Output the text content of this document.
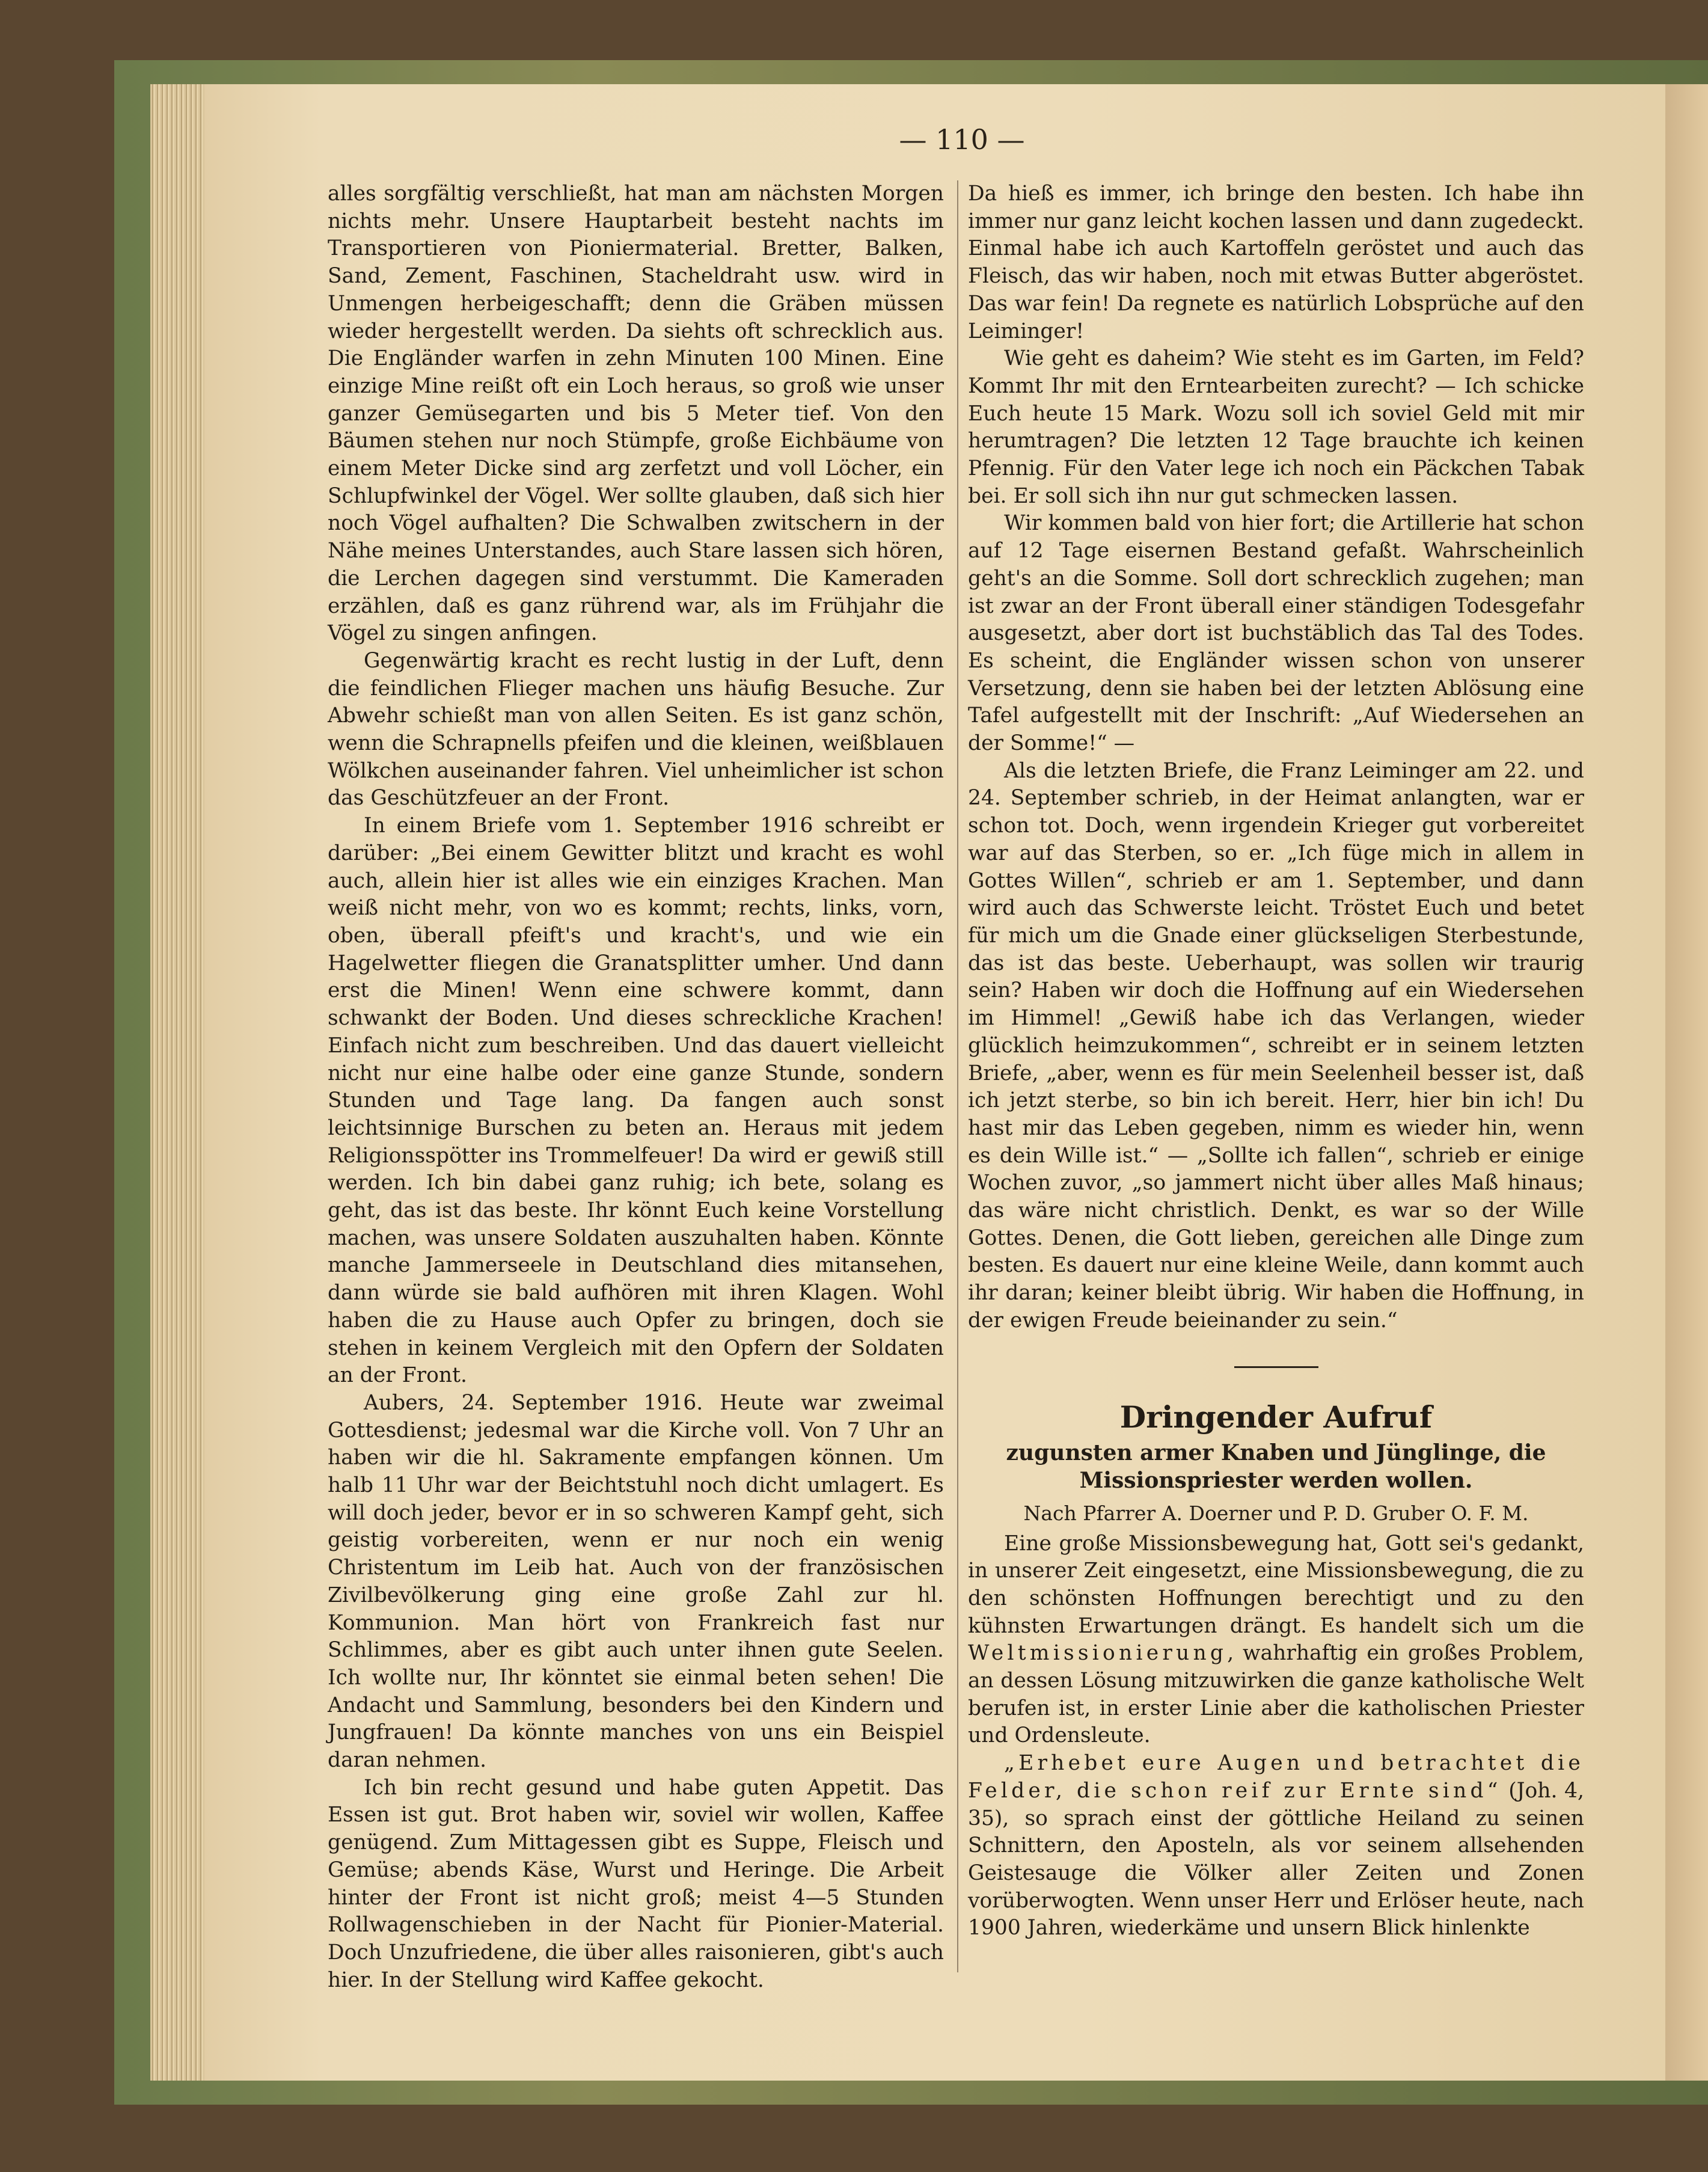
— 110 —

alles sorgfältig verschließt, hat man am nächsten Morgen nichts mehr. Unsere Hauptarbeit besteht nachts im Transportieren von Pioniermaterial. Bretter, Balken, Sand, Zement, Faschinen, Stacheldraht usw. wird in Unmengen herbeigeschafft; denn die Gräben müssen wieder hergestellt werden. Da siehts oft schrecklich aus. Die Engländer warfen in zehn Minuten 100 Minen. Eine einzige Mine reißt oft ein Loch heraus, so groß wie unser ganzer Gemüsegarten und bis 5 Meter tief. Von den Bäumen stehen nur noch Stümpfe, große Eichbäume von einem Meter Dicke sind arg zerfetzt und voll Löcher, ein Schlupfwinkel der Vögel. Wer sollte glauben, daß sich hier noch Vögel aufhalten? Die Schwalben zwitschern in der Nähe meines Unterstandes, auch Stare lassen sich hören, die Lerchen dagegen sind verstummt. Die Kameraden erzählen, daß es ganz rührend war, als im Frühjahr die Vögel zu singen anfingen.

Gegenwärtig kracht es recht lustig in der Luft, denn die feindlichen Flieger machen uns häufig Besuche. Zur Abwehr schießt man von allen Seiten. Es ist ganz schön, wenn die Schrapnells pfeifen und die kleinen, weißblauen Wölkchen auseinander fahren. Viel unheimlicher ist schon das Geschützfeuer an der Front.

In einem Briefe vom 1. September 1916 schreibt er darüber: „Bei einem Gewitter blitzt und kracht es wohl auch, allein hier ist alles wie ein einziges Krachen. Man weiß nicht mehr, von wo es kommt; rechts, links, vorn, oben, überall pfeift's und kracht's, und wie ein Hagelwetter fliegen die Granatsplitter umher. Und dann erst die Minen! Wenn eine schwere kommt, dann schwankt der Boden. Und dieses schreckliche Krachen! Einfach nicht zum beschreiben. Und das dauert vielleicht nicht nur eine halbe oder eine ganze Stunde, sondern Stunden und Tage lang. Da fangen auch sonst leichtsinnige Burschen zu beten an. Heraus mit jedem Religionsspötter ins Trommelfeuer! Da wird er gewiß still werden. Ich bin dabei ganz ruhig; ich bete, solang es geht, das ist das beste. Ihr könnt Euch keine Vorstellung machen, was unsere Soldaten auszuhalten haben. Könnte manche Jammerseele in Deutschland dies mitansehen, dann würde sie bald aufhören mit ihren Klagen. Wohl haben die zu Hause auch Opfer zu bringen, doch sie stehen in keinem Vergleich mit den Opfern der Soldaten an der Front.

Aubers, 24. September 1916. Heute war zweimal Gottesdienst; jedesmal war die Kirche voll. Von 7 Uhr an haben wir die hl. Sakramente empfangen können. Um halb 11 Uhr war der Beichtstuhl noch dicht umlagert. Es will doch jeder, bevor er in so schweren Kampf geht, sich geistig vorbereiten, wenn er nur noch ein wenig Christentum im Leib hat. Auch von der französischen Zivilbevölkerung ging eine große Zahl zur hl. Kommunion. Man hört von Frankreich fast nur Schlimmes, aber es gibt auch unter ihnen gute Seelen. Ich wollte nur, Ihr könntet sie einmal beten sehen! Die Andacht und Sammlung, besonders bei den Kindern und Jungfrauen! Da könnte manches von uns ein Beispiel daran nehmen.

Ich bin recht gesund und habe guten Appetit. Das Essen ist gut. Brot haben wir, soviel wir wollen, Kaffee genügend. Zum Mittagessen gibt es Suppe, Fleisch und Gemüse; abends Käse, Wurst und Heringe. Die Arbeit hinter der Front ist nicht groß; meist 4—5 Stunden Rollwagenschieben in der Nacht für Pionier-Material. Doch Unzufriedene, die über alles raisonieren, gibt's auch hier. In der Stellung wird Kaffee gekocht.

Da hieß es immer, ich bringe den besten. Ich habe ihn immer nur ganz leicht kochen lassen und dann zugedeckt. Einmal habe ich auch Kartoffeln geröstet und auch das Fleisch, das wir haben, noch mit etwas Butter abgeröstet. Das war fein! Da regnete es natürlich Lobsprüche auf den Leiminger!

Wie geht es daheim? Wie steht es im Garten, im Feld? Kommt Ihr mit den Erntearbeiten zurecht? — Ich schicke Euch heute 15 Mark. Wozu soll ich soviel Geld mit mir herumtragen? Die letzten 12 Tage brauchte ich keinen Pfennig. Für den Vater lege ich noch ein Päckchen Tabak bei. Er soll sich ihn nur gut schmecken lassen.

Wir kommen bald von hier fort; die Artillerie hat schon auf 12 Tage eisernen Bestand gefaßt. Wahrscheinlich geht's an die Somme. Soll dort schrecklich zugehen; man ist zwar an der Front überall einer ständigen Todesgefahr ausgesetzt, aber dort ist buchstäblich das Tal des Todes. Es scheint, die Engländer wissen schon von unserer Versetzung, denn sie haben bei der letzten Ablösung eine Tafel aufgestellt mit der Inschrift: „Auf Wiedersehen an der Somme!“ —

Als die letzten Briefe, die Franz Leiminger am 22. und 24. September schrieb, in der Heimat anlangten, war er schon tot. Doch, wenn irgendein Krieger gut vorbereitet war auf das Sterben, so er. „Ich füge mich in allem in Gottes Willen“, schrieb er am 1. September, und dann wird auch das Schwerste leicht. Tröstet Euch und betet für mich um die Gnade einer glückseligen Sterbestunde, das ist das beste. Ueberhaupt, was sollen wir traurig sein? Haben wir doch die Hoffnung auf ein Wiedersehen im Himmel! „Gewiß habe ich das Verlangen, wieder glücklich heimzukommen“, schreibt er in seinem letzten Briefe, „aber, wenn es für mein Seelenheil besser ist, daß ich jetzt sterbe, so bin ich bereit. Herr, hier bin ich! Du hast mir das Leben gegeben, nimm es wieder hin, wenn es dein Wille ist.“ — „Sollte ich fallen“, schrieb er einige Wochen zuvor, „so jammert nicht über alles Maß hinaus; das wäre nicht christlich. Denkt, es war so der Wille Gottes. Denen, die Gott lieben, gereichen alle Dinge zum besten. Es dauert nur eine kleine Weile, dann kommt auch ihr daran; keiner bleibt übrig. Wir haben die Hoffnung, in der ewigen Freude beieinander zu sein.“

Dringender Aufruf
zugunsten armer Knaben und Jünglinge, die Missionspriester werden wollen.
Nach Pfarrer A. Doerner und P. D. Gruber O. F. M.

Eine große Missionsbewegung hat, Gott sei's gedankt, in unserer Zeit eingesetzt, eine Missionsbewegung, die zu den schönsten Hoffnungen berechtigt und zu den kühnsten Erwartungen drängt. Es handelt sich um die Weltmissionierung, wahrhaftig ein großes Problem, an dessen Lösung mitzuwirken die ganze katholische Welt berufen ist, in erster Linie aber die katholischen Priester und Ordensleute.

„Erhebet eure Augen und betrachtet die Felder, die schon reif zur Ernte sind“ (Joh. 4, 35), so sprach einst der göttliche Heiland zu seinen Schnittern, den Aposteln, als vor seinem allsehenden Geistesauge die Völker aller Zeiten und Zonen vorüberwogten. Wenn unser Herr und Erlöser heute, nach 1900 Jahren, wiederkäme und unsern Blick hinlenkte
